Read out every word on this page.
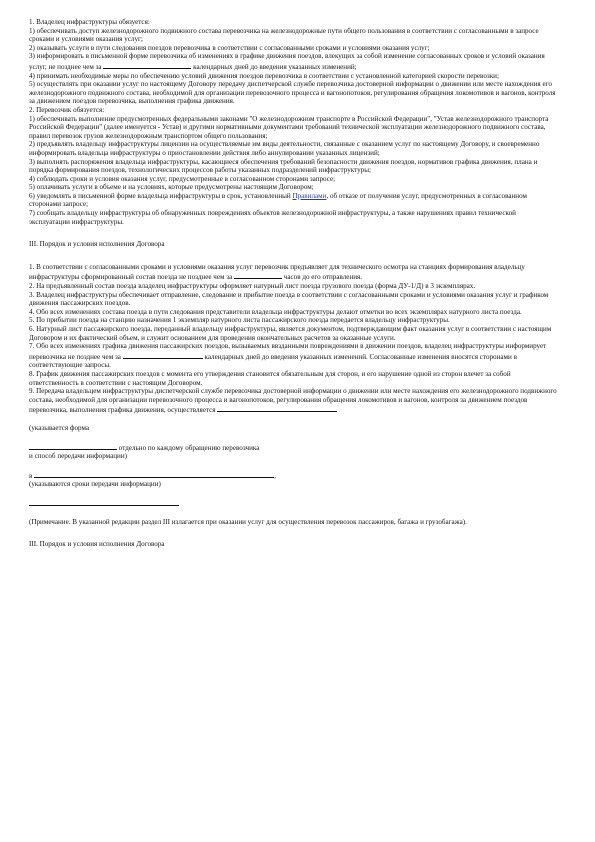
1. Владелец инфраструктуры обязуется:

1) обеспечивать доступ железнодорожного подвижного состава перевозчика на железнодорожные пути общего пользования в соответствии с согласованными в запросе сроками и условиями оказания услуг;

2) оказывать услуги в пути следования поездов перевозчика в соответствии с согласованными сроками и условиями оказания услуг;

3) информировать в письменной форме перевозчика об изменениях в графике движения поездов, влекущих за собой изменение согласованных сроков и условий оказания услуг, не позднее чем за	календарных дней до введения указанных изменений;

4) принимать необходимые меры по обеспечению условий движения поездов перевозчика в соответствии с установленной категорией скорости перевозки;

5) осуществлять при оказании услуг по настоящему Договору передачу диспетчерской службе перевозчика достоверной информации о движении или месте нахождения его железнодорожного подвижного состава, необходимой для организации перевозочного процесса и вагонопотоков, регулирования обращения локомотивов и вагонов, контроля за движением поездов перевозчика, выполнения графика движения.

2. Перевозчик обязуется:

1) обеспечивать выполнение предусмотренных федеральными законами "О железнодорожном транспорте в Российской Федерации", "Устав железнодорожного транспорта Российской Федерации" (далее именуется - Устав) и другими нормативными документами требований технической эксплуатации железнодорожного подвижного состава, правил перевозок грузов железнодорожным транспортом общего пользования;

2) предъявлять владельцу инфраструктуры лицензии на осуществляемые им виды деятельности, связанные с оказанием услуг по настоящему Договору, и своевременно информировать владельца инфраструктуры о приостановлении действия либо аннулировании указанных лицензий;

3) выполнять распоряжения владельца инфраструктуры, касающиеся обеспечения требований безопасности движения поездов, нормативов графика движения, плана и порядка формирования поездов, технологических процессов работы указанных подразделений инфраструктуры;

4) соблюдать сроки и условия оказания услуг, предусмотренные в согласованном сторонами запросе;

5) оплачивать услуги в объеме и на условиях, которые предусмотрены настоящим Договором;

6) уведомлять в письменной форме владельца инфраструктуры в срок, установленный Правилами, об отказе от получения услуг, предусмотренных в согласованном сторонами запросе;

7) сообщать владельцу инфраструктуры об обнаруженных повреждениях объектов железнодорожной инфраструктуры, а также нарушениях правил технической эксплуатации инфраструктуры.

III. Порядок и условия исполнения Договора

1. В соответствии с согласованными сроками и условиями оказания услуг перевозчик предъявляет для технического осмотра на станциях формирования владельцу инфраструктуры сформированный состав поезда не позднее чем за	часов до его отправления.

2. На предъявленный состав поезда владелец инфраструктуры оформляет натурный лист поезда грузового поезда (форма ДУ-1/Д) в 3 экземплярах.

3. Владелец инфраструктуры обеспечивает отправление, следование и прибытие поезда в соответствии с согласованными сроками и условиями оказания услуг и графиком движения пассажирских поездов.

4. Обо всех изменениях состава поезда в пути следования представители владельца инфраструктуры делают отметки во всех экземплярах натурного листа поезда.

5. По прибытии поезда на станцию назначения 1 экземпляр натурного листа пассажирского поезда передается владельцу инфраструктуры.

6. Натурный лист пассажирского поезда, переданный владельцу инфраструктуры, является документом, подтверждающим факт оказания услуг в соответствии с настоящим Договором и их фактический объем, и служит основанием для проведения окончательных расчетов за оказанные услуги.

7. Обо всех изменениях графика движения пассажирских поездов, вызываемых ввзданными повреждениями в движении поездов, владелец инфраструктуры информирует перевозчика не позднее чем за	календарных дней до введения указанных изменений. Согласованные изменения вносятся сторонами в соответствующие запросы.

8. График движения пассажирских поездов с момента его утверждения становится обязательным для сторон, и его нарушение одной из сторон влечет за собой ответственность в соответствии с настоящим Договором.

9. Передача владельцем инфраструктуры диспетчерской службе перевозчика достоверной информации о движении или месте нахождения его железнодорожного подвижного состава, необходимой для организации перевозочного процесса и вагонопотоков, регулирования обращения локомотивов и вагонов, контроля за движением поездов перевозчика, выполнения графика движения, осуществляется

(указывается форма

отдельно по каждому обращению перевозчика

и способ передачи информации)

в	,

(указываются сроки передачи информации)

(Примечание. В указанной редакции раздел III излагается при оказании услуг для осуществления перевозок пассажиров, багажа и грузобагажа).

III. Порядок и условия исполнения Договора
